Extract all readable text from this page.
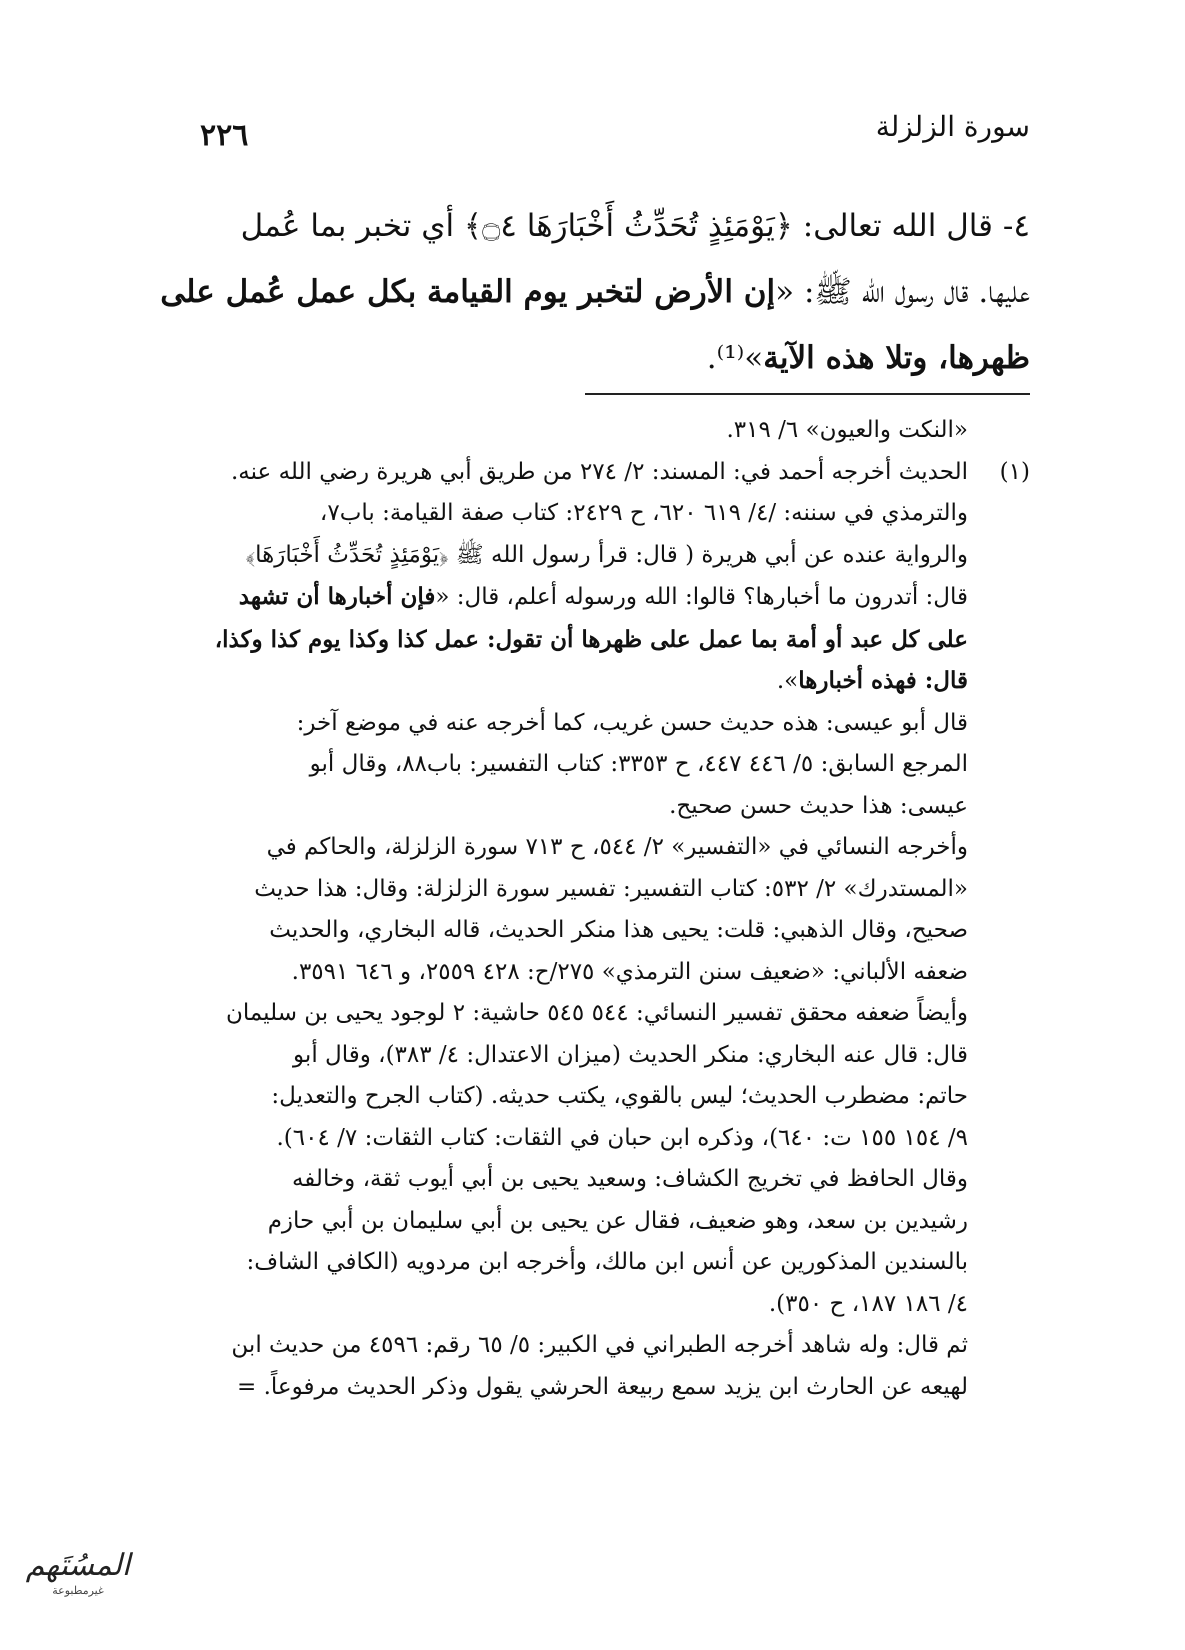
٢٢٦	سورة الزلزلة

٤- قال الله تعالى: ﴿يَوْمَئِذٍ تُحَدِّثُ أَخْبَارَهَا ۝٤﴾ أي تخبر بما عُمل

عليها. قال رسول الله ﷺ: «إن الأرض لتخبر يوم القيامة بكل عمل عُمل على

ظهرها، وتلا هذه الآية»⁽¹⁾.

«النكت والعيون» ٦/ ٣١٩.

(١)

الحديث أخرجه أحمد في: المسند: ٢/ ٢٧٤ من طريق أبي هريرة رضي الله عنه.

والترمذي في سننه: /٤/ ٦١٩ ٦٢٠، ح ٢٤٢٩: كتاب صفة القيامة: باب٧،

والرواية عنده عن أبي هريرة ( قال: قرأ رسول الله ﷺ ﴿يَوْمَئِذٍ تُحَدِّثُ أَخْبَارَهَا﴾

قال: أتدرون ما أخبارها؟ قالوا: الله ورسوله أعلم، قال: «فإن أخبارها أن تشهد

على كل عبد أو أمة بما عمل على ظهرها أن تقول: عمل كذا وكذا يوم كذا وكذا،

قال: فهذه أخبارها».

قال أبو عيسى: هذه حديث حسن غريب، كما أخرجه عنه في موضع آخر:

المرجع السابق: ٥/ ٤٤٦ ٤٤٧، ح ٣٣٥٣: كتاب التفسير: باب٨٨، وقال أبو

عيسى: هذا حديث حسن صحيح.

وأخرجه النسائي في «التفسير» ٢/ ٥٤٤، ح ٧١٣ سورة الزلزلة، والحاكم في

«المستدرك» ٢/ ٥٣٢: كتاب التفسير: تفسير سورة الزلزلة: وقال: هذا حديث

صحيح، وقال الذهبي: قلت: يحيى هذا منكر الحديث، قاله البخاري، والحديث

ضعفه الألباني: «ضعيف سنن الترمذي» ٢٧٥/ح: ٤٢٨ ٢٥٥٩، و ٦٤٦ ٣٥٩١.

وأيضاً ضعفه محقق تفسير النسائي: ٥٤٤ ٥٤٥ حاشية: ٢ لوجود يحيى بن سليمان

قال: قال عنه البخاري: منكر الحديث (ميزان الاعتدال: ٤/ ٣٨٣)، وقال أبو

حاتم: مضطرب الحديث؛ ليس بالقوي، يكتب حديثه. (كتاب الجرح والتعديل:

٩/ ١٥٤ ١٥٥ ت: ٦٤٠)، وذكره ابن حبان في الثقات: كتاب الثقات: ٧/ ٦٠٤).

وقال الحافظ في تخريج الكشاف: وسعيد يحيى بن أبي أيوب ثقة، وخالفه

رشيدين بن سعد، وهو ضعيف، فقال عن يحيى بن أبي سليمان بن أبي حازم

بالسندين المذكورين عن أنس ابن مالك، وأخرجه ابن مردويه (الكافي الشاف:

٤/ ١٨٦ ١٨٧، ح ٣٥٠).

ثم قال: وله شاهد أخرجه الطبراني في الكبير: ٥/ ٦٥ رقم: ٤٥٩٦ من حديث ابن

لهيعه عن الحارث ابن يزيد سمع ربيعة الحرشي يقول وذكر الحديث مرفوعاً. =

المسُتَهم
غيرمطبوعة
